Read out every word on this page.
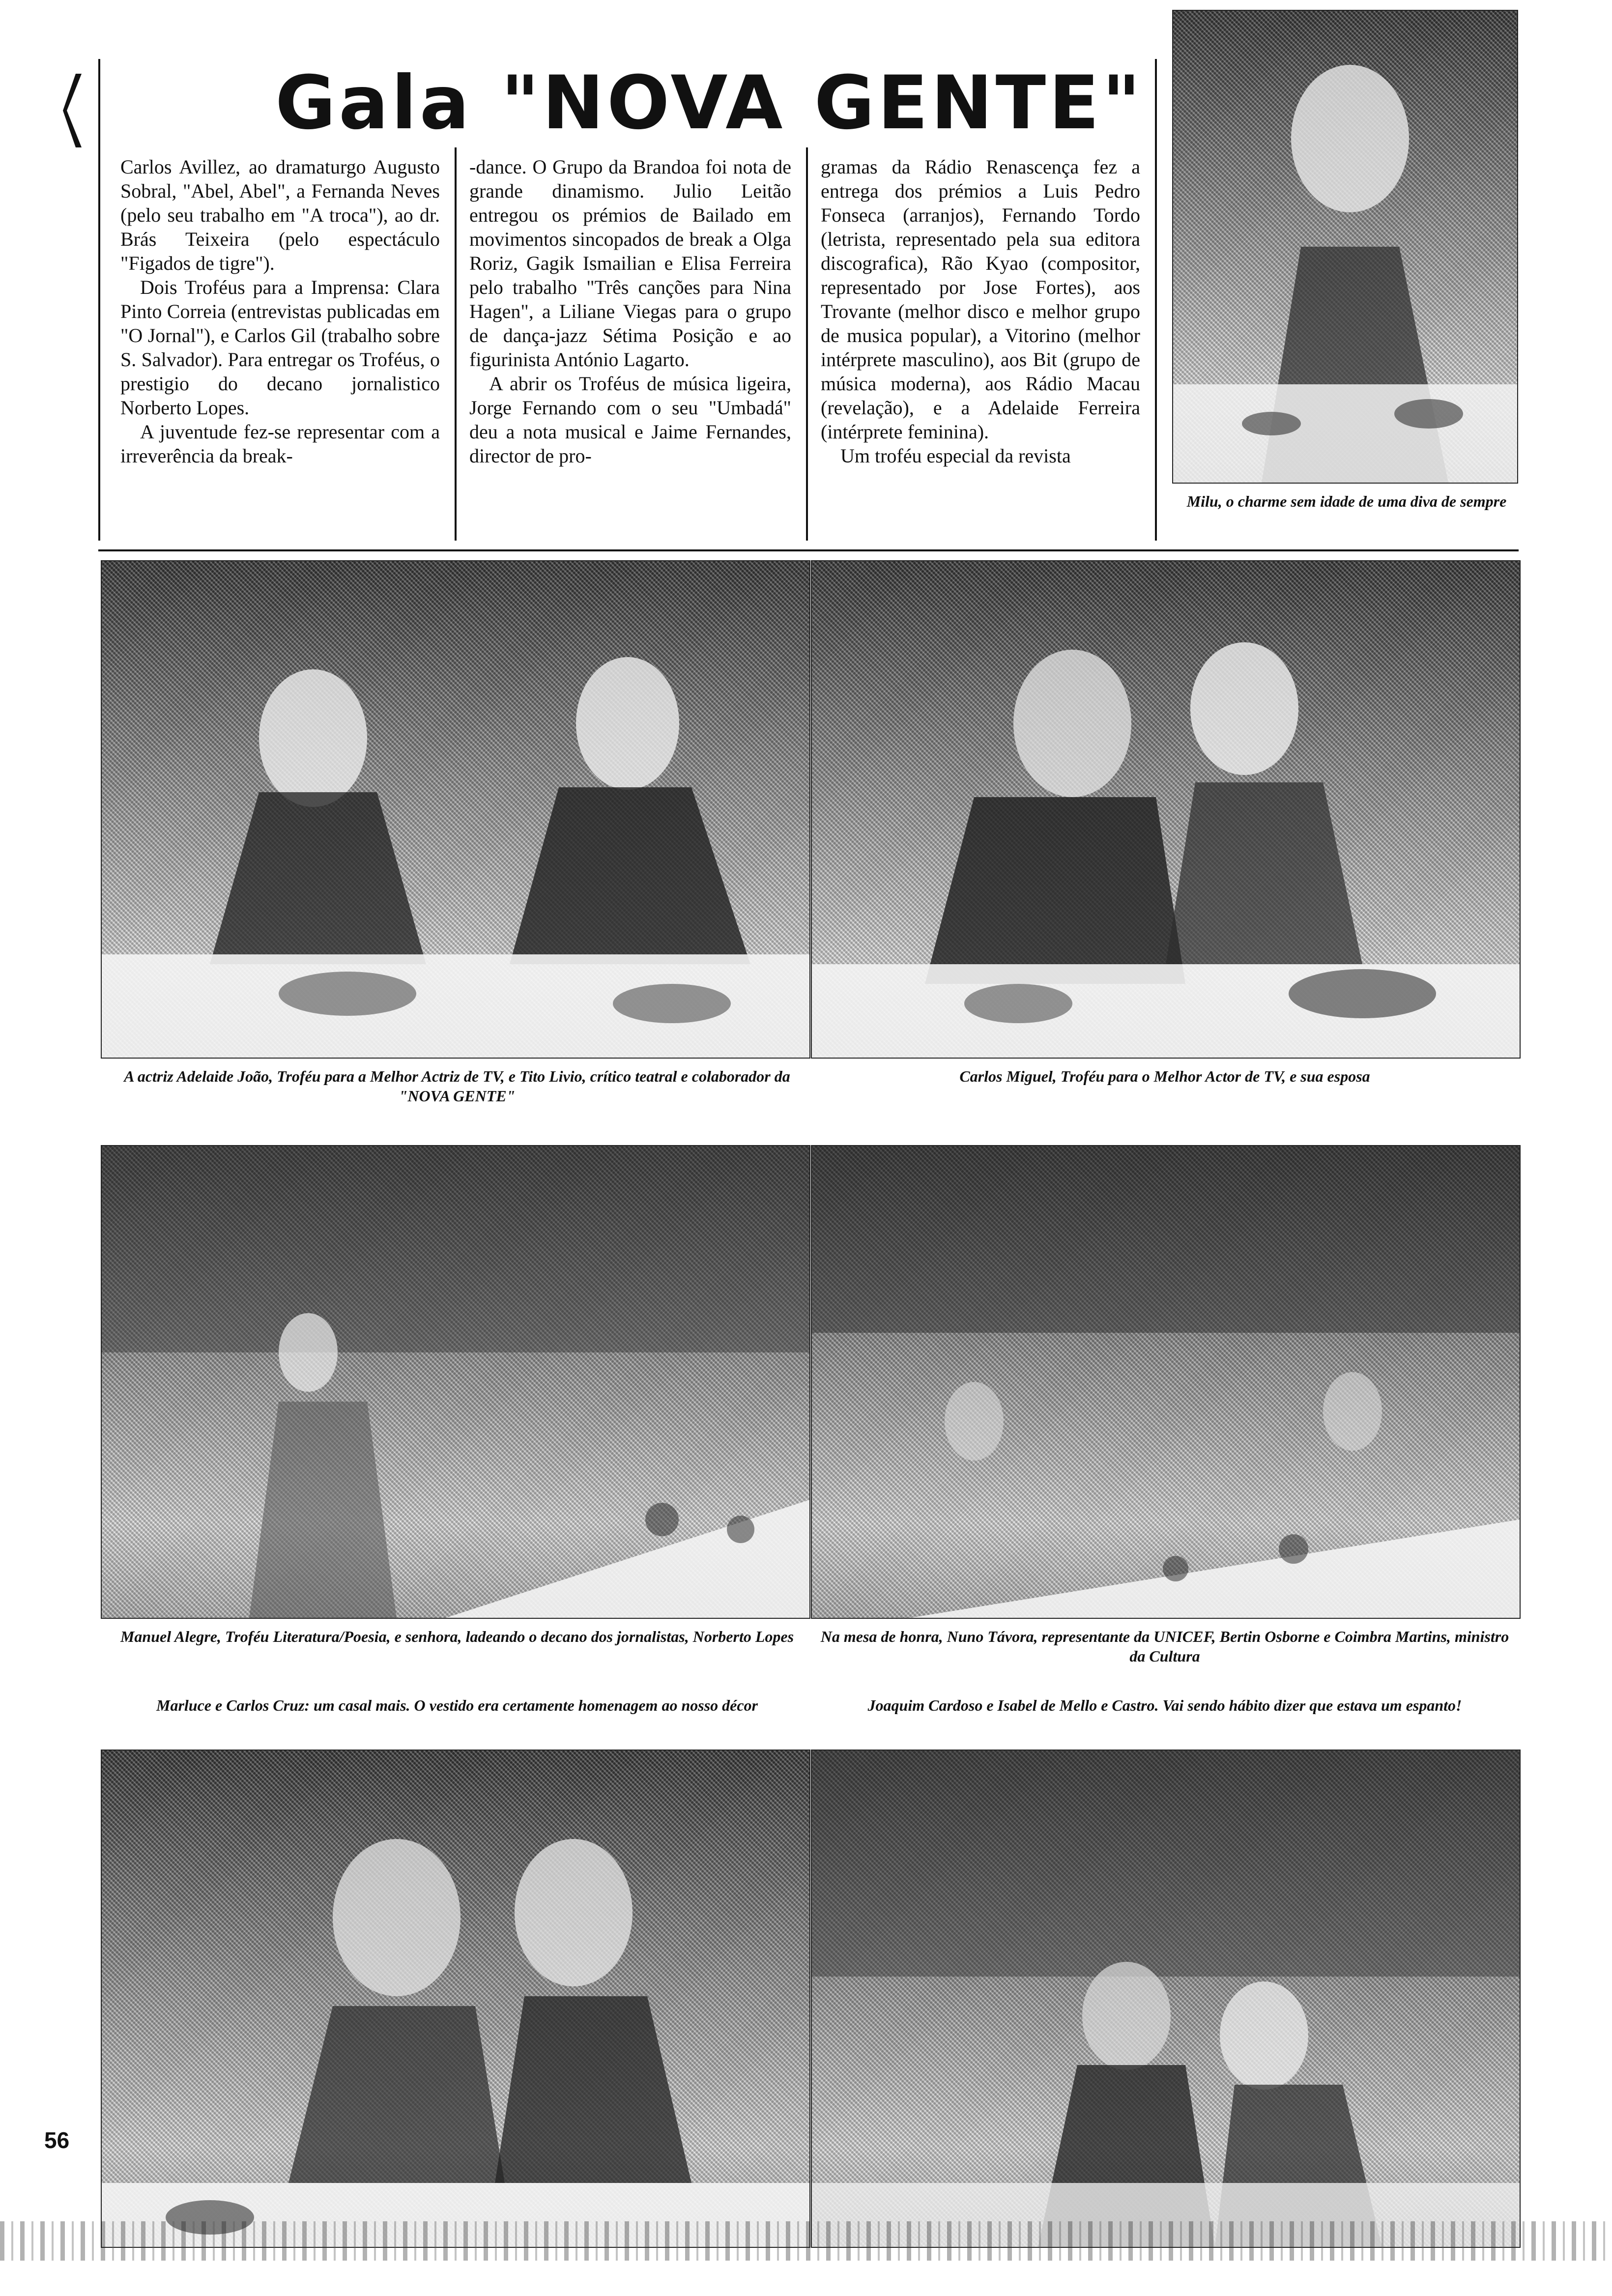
Gala "NOVA GENTE"

Carlos Avillez, ao dramaturgo Augusto Sobral, "Abel, Abel", a Fernanda Neves (pelo seu trabalho em "A troca"), ao dr. Brás Teixeira (pelo espectáculo "Figados de tigre").

Dois Troféus para a Imprensa: Clara Pinto Correia (entrevistas publicadas em "O Jornal"), e Carlos Gil (trabalho sobre S. Salvador). Para entregar os Troféus, o prestigio do decano jornalistico Norberto Lopes.

A juventude fez-se representar com a irreverência da break-

-dance. O Grupo da Brandoa foi nota de grande dinamismo. Julio Leitão entregou os prémios de Bailado em movimentos sincopados de break a Olga Roriz, Gagik Ismailian e Elisa Ferreira pelo trabalho "Três canções para Nina Hagen", a Liliane Viegas para o grupo de dança-jazz Sétima Posição e ao figurinista António Lagarto.

A abrir os Troféus de música ligeira, Jorge Fernando com o seu "Umbadá" deu a nota musical e Jaime Fernandes, director de pro-

gramas da Rádio Renascença fez a entrega dos prémios a Luis Pedro Fonseca (arranjos), Fernando Tordo (letrista, representado pela sua editora discografica), Rão Kyao (compositor, representado por Jose Fortes), aos Trovante (melhor disco e melhor grupo de musica popular), a Vitorino (melhor intérprete masculino), aos Bit (grupo de música moderna), aos Rádio Macau (revelação), e a Adelaide Ferreira (intérprete feminina).

Um troféu especial da revista

Milu, o charme sem idade de uma diva de sempre
A actriz Adelaide João, Troféu para a Melhor Actriz de TV, e Tito Livio, crítico teatral e colaborador da "NOVA GENTE"
Carlos Miguel, Troféu para o Melhor Actor de TV, e sua esposa
Manuel Alegre, Troféu Literatura/Poesia, e senhora, ladeando o decano dos jornalistas, Norberto Lopes	Na mesa de honra, Nuno Távora, representante da UNICEF, Bertin Osborne e Coimbra Martins, ministro da Cultura
Marluce e Carlos Cruz: um casal mais. O vestido era certamente homenagem ao nosso décor	Joaquim Cardoso e Isabel de Mello e Castro. Vai sendo hábito dizer que estava um espanto!
56
